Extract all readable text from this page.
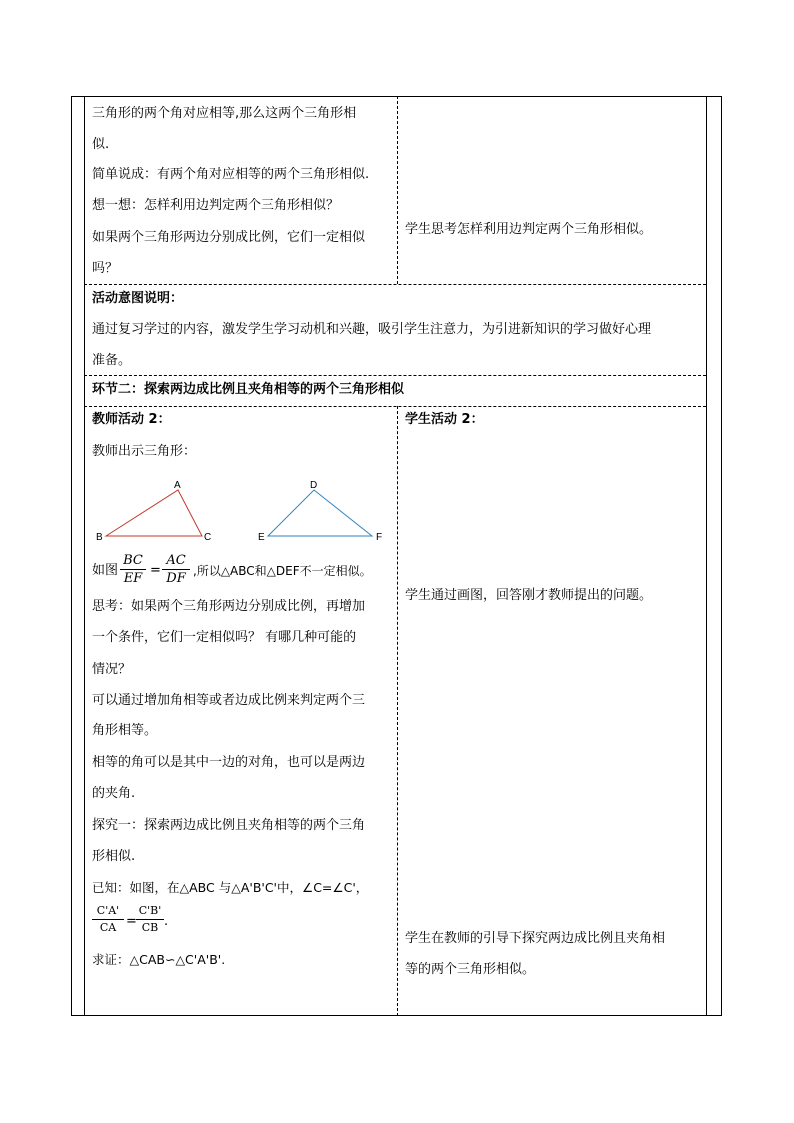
三角形的两个角对应相等,那么这两个三角形相
似.
简单说成：有两个角对应相等的两个三角形相似.
想一想：怎样利用边判定两个三角形相似？
如果两个三角形两边分别成比例，它们一定相似
吗？
学生思考怎样利用边判定两个三角形相似。
活动意图说明：
通过复习学过的内容，激发学生学习动机和兴趣，吸引学生注意力，为引进新知识的学习做好心理
准备。
环节二：探索两边成比例且夹角相等的两个三角形相似
教师活动 2：
教师出示三角形：
A
B	C
D
E	F
如图
BC
EF
=
AC
DF ,所以△ABC和△DEF不一定相似。
思考：如果两个三角形两边分别成比例，再增加
一个条件，它们一定相似吗？ 有哪几种可能的
情况？
可以通过增加角相等或者边成比例来判定两个三
角形相等。
相等的角可以是其中一边的对角，也可以是两边
的夹角.
探究一：探索两边成比例且夹角相等的两个三角
形相似.
已知：如图，在△ABC 与△A'B'C'中，∠C=∠C'，
C'A'
CA =
C'B'
CB .
求证：△CAB∽△C'A'B'.
学生活动 2：
学生通过画图，回答刚才教师提出的问题。
学生在教师的引导下探究两边成比例且夹角相
等的两个三角形相似。
